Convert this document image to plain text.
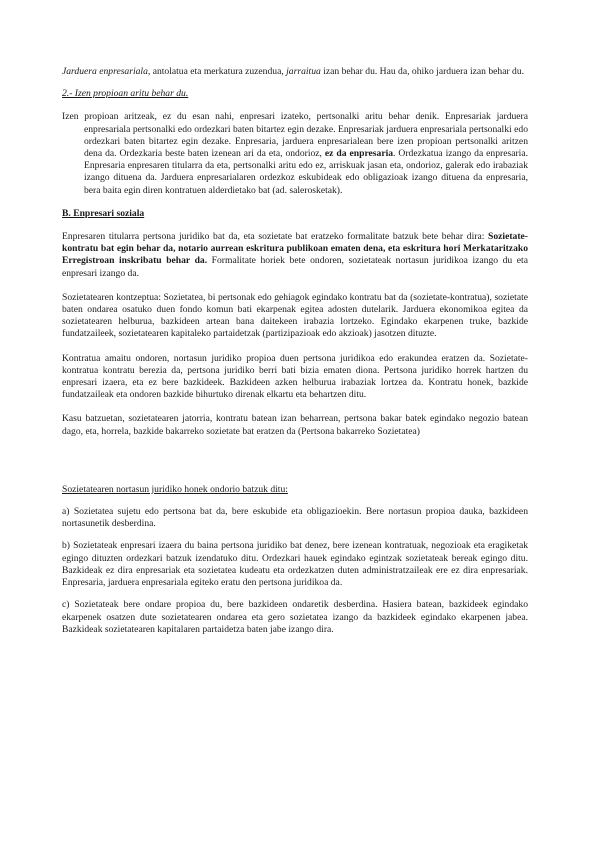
Jarduera enpresariala, antolatua eta merkatura zuzendua, jarraitua izan behar du. Hau da, ohiko jarduera izan behar du.

2.- Izen propioan aritu behar du.

Izen propioan aritzeak, ez du esan nahi, enpresari izateko, pertsonalki aritu behar denik. Enpresariak jarduera enpresariala pertsonalki edo ordezkari baten bitartez egin dezake. Enpresariak jarduera enpresariala pertsonalki edo ordezkari baten bitartez egin dezake. Enpresaria, jarduera enpresarialean bere izen propioan pertsonalki aritzen dena da. Ordezkaria beste baten izenean ari da eta, ondorioz, ez da enpresaria. Ordezkatua izango da enpresaria. Enpresaria enpresaren titularra da eta, pertsonalki aritu edo ez, arriskuak jasan eta, ondorioz, galerak edo irabaziak izango dituena da. Jarduera enpresarialaren ordezkoz eskubideak edo obligazioak izango dituena da enpresaria, bera baita egin diren kontratuen alderdietako bat (ad. salerosketak).

B. Enpresari soziala

Enpresaren titularra pertsona juridiko bat da, eta sozietate bat eratzeko formalitate batzuk bete behar dira: Sozietate-kontratu bat egin behar da, notario aurrean eskritura publikoan ematen dena, eta eskritura hori Merkataritzako Erregistroan inskribatu behar da. Formalitate horiek bete ondoren, sozietateak nortasun juridikoa izango du eta enpresari izango da.

Sozietatearen kontzeptua: Sozietatea, bi pertsonak edo gehiagok egindako kontratu bat da (sozietate-kontratua), sozietate baten ondarea osatuko duen fondo komun bati ekarpenak egitea adosten dutelarik. Jarduera ekonomikoa egitea da sozietatearen helburua, bazkideen artean bana daitekeen irabazia lortzeko. Egindako ekarpenen truke, bazkide fundatzaileek, sozietatearen kapitaleko partaidetzak (partizipazioak edo akzioak) jasotzen dituzte.

Kontratua amaitu ondoren, nortasun juridiko propioa duen pertsona juridikoa edo erakundea eratzen da. Sozietate-kontratua kontratu berezia da, pertsona juridiko berri bati bizia ematen diona. Pertsona juridiko horrek hartzen du enpresari izaera, eta ez bere bazkideek. Bazkideen azken helburua irabaziak lortzea da. Kontratu honek, bazkide fundatzaileak eta ondoren bazkide bihurtuko direnak elkartu eta behartzen ditu.

Kasu batzuetan, sozietatearen jatorria, kontratu batean izan beharrean, pertsona bakar batek egindako negozio batean dago, eta, horrela, bazkide bakarreko sozietate bat eratzen da (Pertsona bakarreko Sozietatea)

Sozietatearen nortasun juridiko honek ondorio batzuk ditu:

a) Sozietatea sujetu edo pertsona bat da, bere eskubide eta obligazioekin. Bere nortasun propioa dauka, bazkideen nortasunetik desberdina.

b) Sozietateak enpresari izaera du baina pertsona juridiko bat denez, bere izenean kontratuak, negozioak eta eragiketak egingo dituzten ordezkari batzuk izendatuko ditu. Ordezkari hauek egindako egintzak sozietateak bereak egingo ditu. Bazkideak ez dira enpresariak eta sozietatea kudeatu eta ordezkatzen duten administratzaileak ere ez dira enpresariak. Enpresaria, jarduera enpresariala egiteko eratu den pertsona juridikoa da.

c) Sozietateak bere ondare propioa du, bere bazkideen ondaretik desberdina. Hasiera batean, bazkideek egindako ekarpenek osatzen dute sozietatearen ondarea eta gero sozietatea izango da bazkideek egindako ekarpenen jabea. Bazkideak sozietatearen kapitalaren partaidetza baten jabe izango dira.
